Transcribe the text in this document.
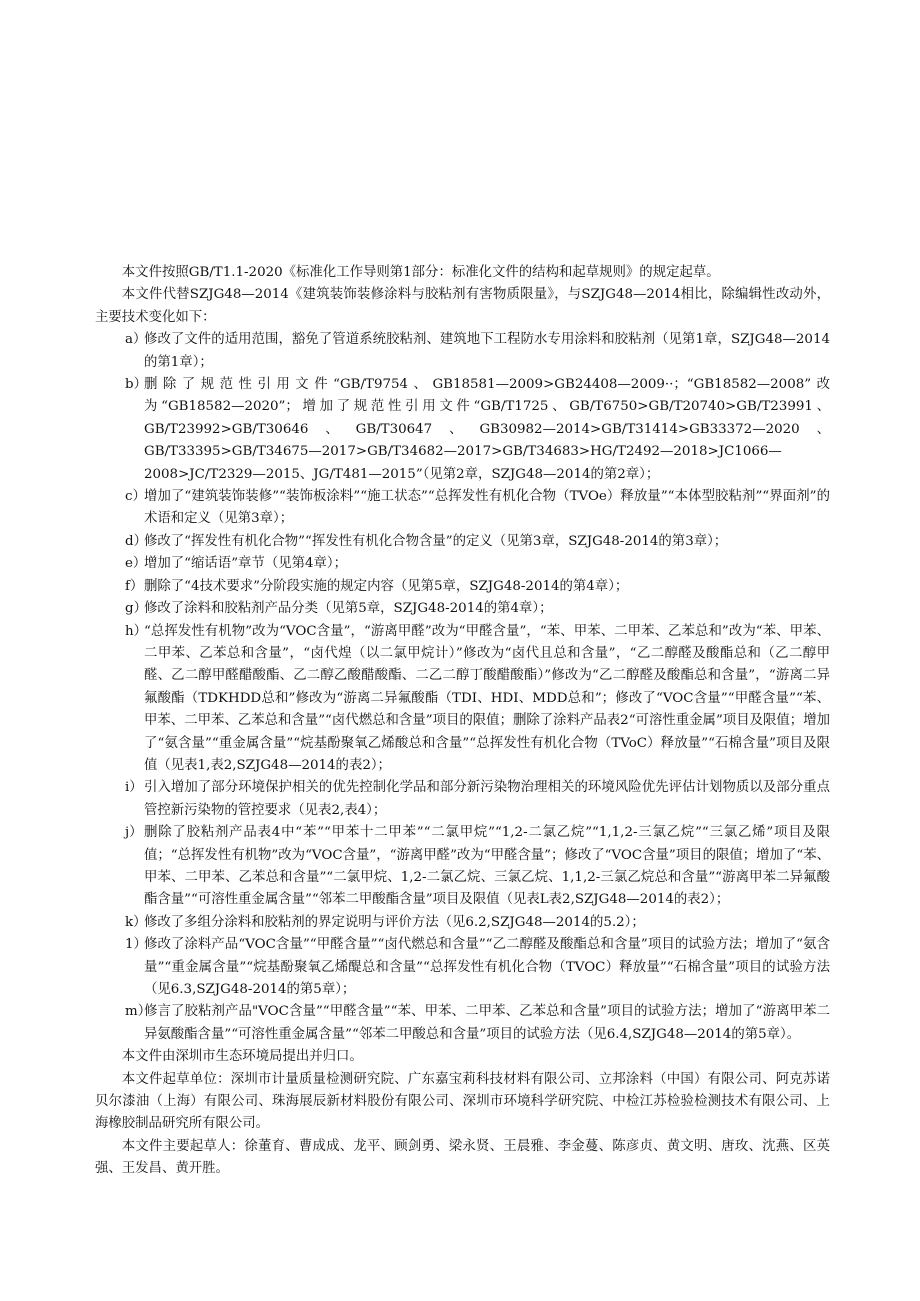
本文件按照GB/T1.1-2020《标准化工作导则第1部分：标准化文件的结构和起草规则》的规定起草。

本文件代替SZJG48—2014《建筑装饰装修涂料与胶粘剂有害物质限量》，与SZJG48—2014相比，除编辑性改动外，主要技术变化如下：

a）
修改了文件的适用范围，豁免了管道系统胶粘剂、建筑地下工程防水专用涂料和胶粘剂（见第1章，SZJG48—2014的第1章）；
b）
删除了规范性引用文件“GB/T9754、GB18581—2009>GB24408—2009··；“GB18582—2008”改为“GB18582—2020”；增加了规范性引用文件“GB/T1725、GB/T6750>GB/T20740>GB/T23991、GB/T23992>GB/T30646、GB/T30647、GB30982—2014>GB/T31414>GB33372—2020、GB/T33395>GB/T34675—2017>GB/T34682—2017>GB/T34683>HG/T2492—2018>JC1066—2008>JC/T2329—2015、JG/T481—2015”（见第2章，SZJG48—2014的第2章）；
c）
增加了“建筑装饰装修”“装饰板涂料”“施工状态”“总挥发性有机化合物（TVOe）释放量”“本体型胶粘剂”“界面剂”的术语和定义（见第3章）；
d）
修改了“挥发性有机化合物”“挥发性有机化合物含量”的定义（见第3章，SZJG48-2014的第3章）；
e）
增加了“缩话语”章节（见第4章）；
f） 删除了“4技术要求”分阶段实施的规定内容（见第5章，SZJG48-2014的第4章）；
g）
修改了涂料和胶粘剂产品分类（见第5章，SZJG48-2014的第4章）；
h）
“总挥发性有机物”改为“VOC含量”，“游离甲醛”改为“甲醛含量”，“苯、甲苯、二甲苯、乙苯总和”改为“苯、甲苯、二甲苯、乙苯总和含量”，“卤代煌（以二氯甲烷计）”修改为“卤代且总和含量”，“乙二醇醛及酸酯总和（乙二醇甲醛、乙二醇甲醛醋酸酯、乙二醇乙酸醋酸酯、二乙二醇丁酸醋酸酯）”修改为“乙二醇醛及酸酯总和含量”，“游离二异氟酸酯（TDKHDD总和”修改为“游离二异氟酸酯（TDI、HDI、MDD总和”；修改了“VOC含量”“甲醛含量”“苯、甲苯、二甲苯、乙苯总和含量”“卤代燃总和含量”项目的限值；删除了涂料产品表2“可溶性重金属”项目及限值；增加了“氨含量”“重金属含量”“烷基酚聚氧乙烯酸总和含量”“总挥发性有机化合物（TVoC）释放量”“石棉含量”项目及限值（见表1,表2,SZJG48—2014的表2）；
i） 引入增加了部分环境保护相关的优先控制化学品和部分新污染物治理相关的环境风险优先评估计划物质以及部分重点管控新污染物的管控要求（见表2,表4）；
j） 删除了胶粘剂产品表4中“苯”“甲苯十二甲苯”“二氯甲烷”“1,2-二氯乙烷”“1,1,2-三氯乙烷”“三氯乙烯”项目及限值；“总挥发性有机物”改为“VOC含量”，“游离甲醛”改为“甲醛含量”；修改了“VOC含量”项目的限值；增加了“苯、甲苯、二甲苯、乙苯总和含量”“二氯甲烷、1,2-二氯乙烷、三氯乙烷、1,1,2-三氯乙烷总和含量”“游离甲苯二异氟酸酯含量”“可溶性重金属含量”“邻苯二甲酸酯含量”项目及限值（见表L表2,SZJG48—2014的表2）；
k）
修改了多组分涂料和胶粘剂的界定说明与评价方法（见6.2,SZJG48—2014的5.2）；
1）
修改了涂料产品“VOC含量”“甲醛含量”“卤代燃总和含量”“乙二醇醛及酸酯总和含量”项目的试验方法；增加了“氨含量”“重金属含量”“烷基酚聚氧乙烯醍总和含量”“总挥发性有机化合物（TVOC）释放量”“石棉含量”项目的试验方法（见6.3,SZJG48-2014的第5章）；
m）
修言了胶粘剂产品"VOC含量”“甲醛含量”“苯、甲苯、二甲苯、乙苯总和含量”项目的试验方法；增加了“游离甲苯二异氨酸酯含量”“可溶性重金属含量”“邻苯二甲酸总和含量”项目的试验方法（见6.4,SZJG48—2014的第5章）。

本文件由深圳市生态环境局提出并归口。

本文件起草单位：深圳市计量质量检测研究院、广东嘉宝莉科技材料有限公司、立邦涂料（中国）有限公司、阿克苏诺贝尔漆油（上海）有限公司、珠海展辰新材料股份有限公司、深圳市环境科学研究院、中检江苏检验检测技术有限公司、上海橡胶制品研究所有限公司。

本文件主要起草人：徐董育、曹成成、龙平、顾剑勇、梁永贤、王晨雅、李金蔓、陈彦贞、黄文明、唐玫、沈燕、区英强、王发昌、黄开胜。
